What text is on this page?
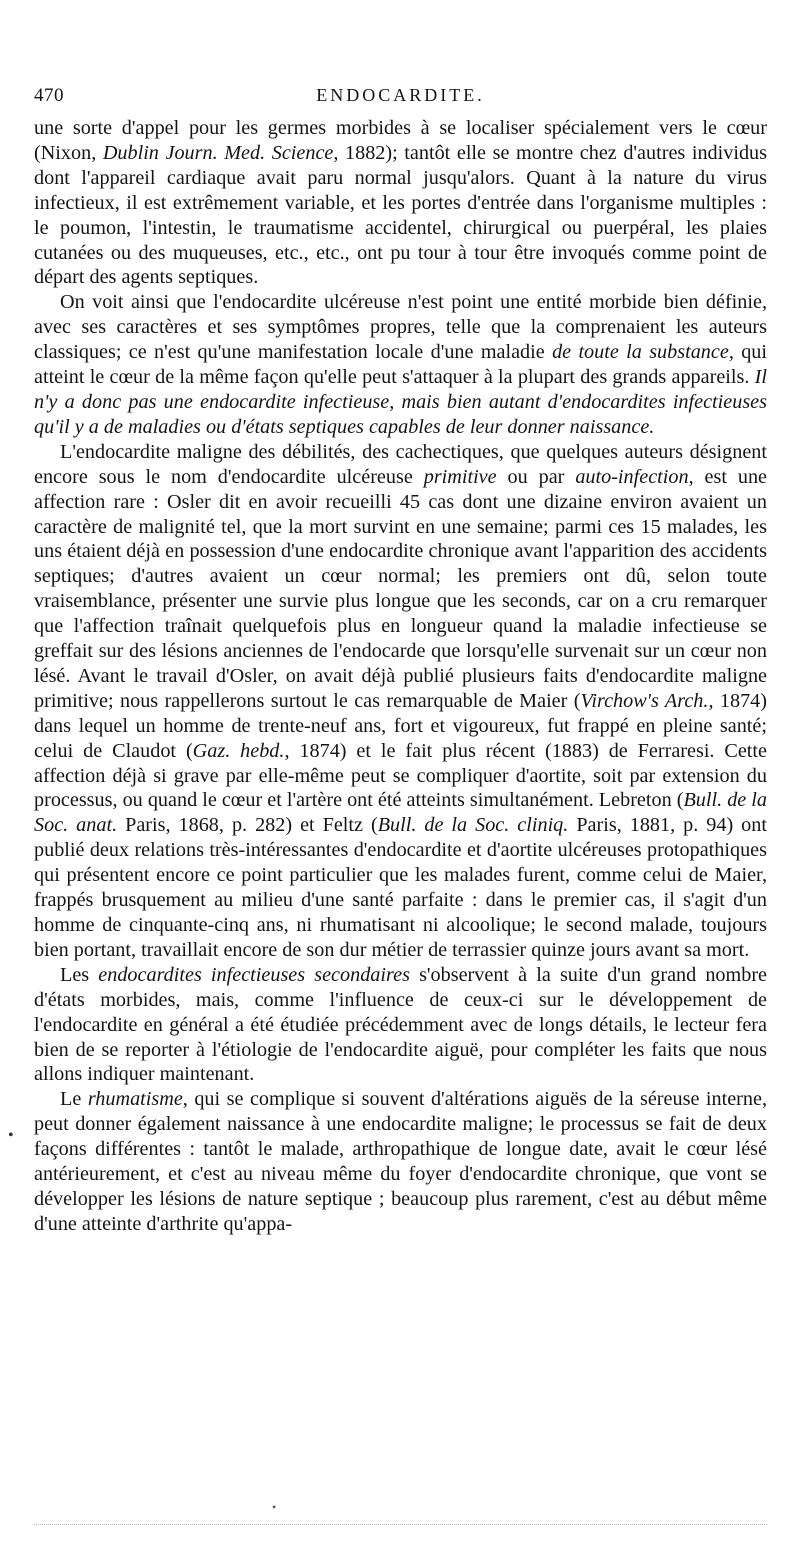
470	ENDOCARDITE.

une sorte d'appel pour les germes morbides à se localiser spécialement vers le cœur (Nixon, Dublin Journ. Med. Science, 1882); tantôt elle se montre chez d'autres individus dont l'appareil cardiaque avait paru normal jusqu'alors. Quant à la nature du virus infectieux, il est extrêmement variable, et les portes d'entrée dans l'organisme multiples : le poumon, l'intestin, le traumatisme accidentel, chirurgical ou puerpéral, les plaies cutanées ou des muqueuses, etc., etc., ont pu tour à tour être invoqués comme point de départ des agents septiques.

On voit ainsi que l'endocardite ulcéreuse n'est point une entité morbide bien définie, avec ses caractères et ses symptômes propres, telle que la comprenaient les auteurs classiques; ce n'est qu'une manifestation locale d'une maladie de toute la substance, qui atteint le cœur de la même façon qu'elle peut s'attaquer à la plupart des grands appareils. Il n'y a donc pas une endocardite infectieuse, mais bien autant d'endocardites infectieuses qu'il y a de maladies ou d'états septiques capables de leur donner naissance.

L'endocardite maligne des débilités, des cachectiques, que quelques auteurs désignent encore sous le nom d'endocardite ulcéreuse primitive ou par auto-infection, est une affection rare : Osler dit en avoir recueilli 45 cas dont une dizaine environ avaient un caractère de malignité tel, que la mort survint en une semaine; parmi ces 15 malades, les uns étaient déjà en possession d'une endocardite chronique avant l'apparition des accidents septiques; d'autres avaient un cœur normal; les premiers ont dû, selon toute vraisemblance, présenter une survie plus longue que les seconds, car on a cru remarquer que l'affection traînait quelquefois plus en longueur quand la maladie infectieuse se greffait sur des lésions anciennes de l'endocarde que lorsqu'elle survenait sur un cœur non lésé. Avant le travail d'Osler, on avait déjà publié plusieurs faits d'endocardite maligne primitive; nous rappellerons surtout le cas remarquable de Maier (Virchow's Arch., 1874) dans lequel un homme de trente-neuf ans, fort et vigoureux, fut frappé en pleine santé; celui de Claudot (Gaz. hebd., 1874) et le fait plus récent (1883) de Ferraresi. Cette affection déjà si grave par elle-même peut se compliquer d'aortite, soit par extension du processus, ou quand le cœur et l'artère ont été atteints simultanément. Lebreton (Bull. de la Soc. anat. Paris, 1868, p. 282) et Feltz (Bull. de la Soc. cliniq. Paris, 1881, p. 94) ont publié deux relations très-intéressantes d'endocardite et d'aortite ulcéreuses protopathiques qui présentent encore ce point particulier que les malades furent, comme celui de Maier, frappés brusquement au milieu d'une santé parfaite : dans le premier cas, il s'agit d'un homme de cinquante-cinq ans, ni rhumatisant ni alcoolique; le second malade, toujours bien portant, travaillait encore de son dur métier de terrassier quinze jours avant sa mort.

Les endocardites infectieuses secondaires s'observent à la suite d'un grand nombre d'états morbides, mais, comme l'influence de ceux-ci sur le développement de l'endocardite en général a été étudiée précédemment avec de longs détails, le lecteur fera bien de se reporter à l'étiologie de l'endocardite aiguë, pour compléter les faits que nous allons indiquer maintenant.

Le rhumatisme, qui se complique si souvent d'altérations aiguës de la séreuse interne, peut donner également naissance à une endocardite maligne; le processus se fait de deux façons différentes : tantôt le malade, arthropathique de longue date, avait le cœur lésé antérieurement, et c'est au niveau même du foyer d'endocardite chronique, que vont se développer les lésions de nature septique ; beaucoup plus rarement, c'est au début même d'une atteinte d'arthrite qu'appa-

•
•
